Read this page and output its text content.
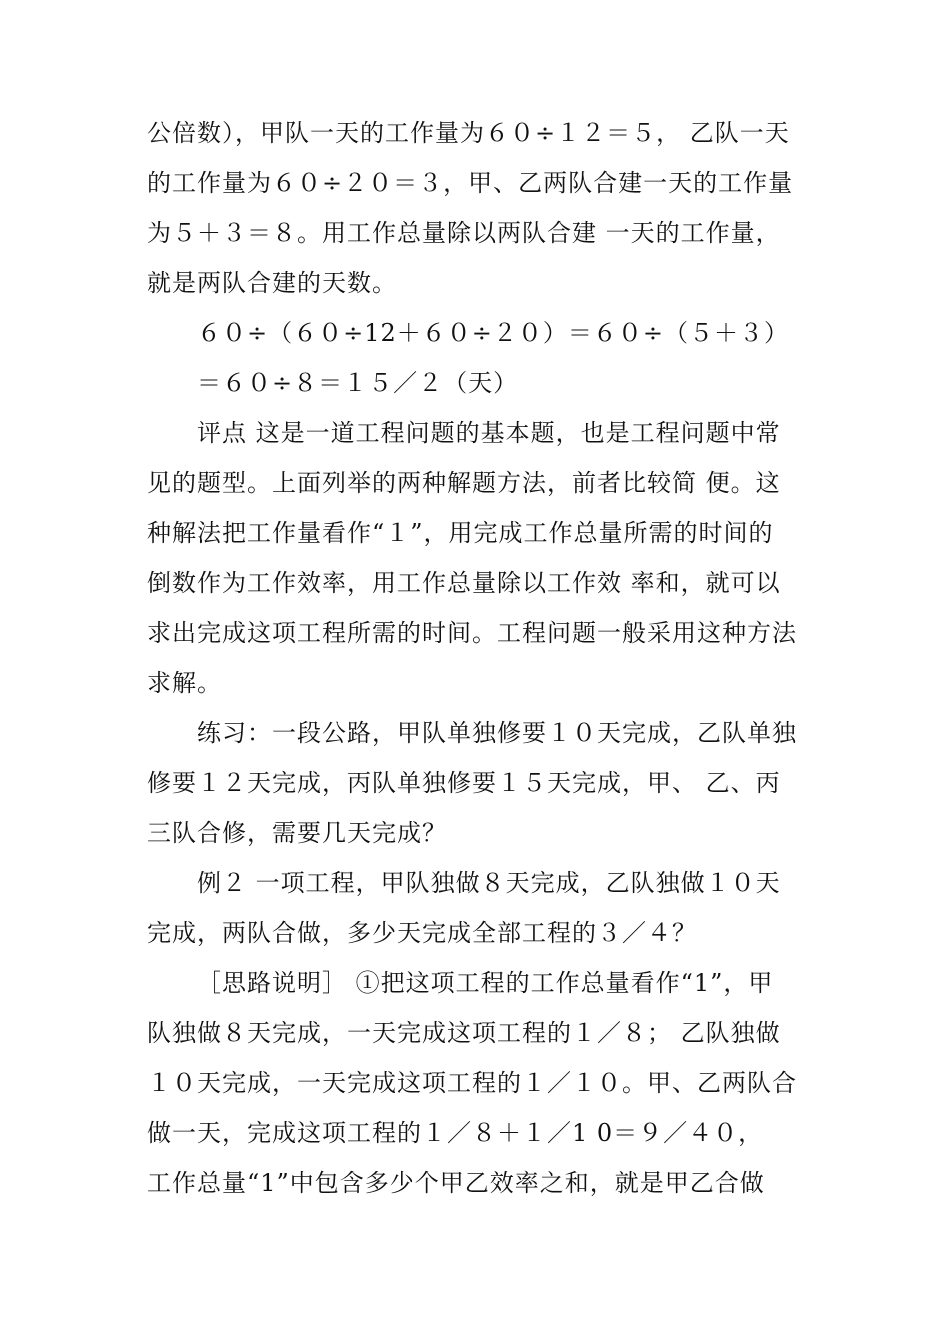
公倍数），甲队一天的工作量为６０÷１２＝５， 乙队一天
的工作量为６０÷２０＝３，甲、乙两队合建一天的工作量
为５＋３＝８。用工作总量除以两队合建 一天的工作量，
就是两队合建的天数。
６０÷（６０÷12＋６０÷２０）＝６０÷（５＋３）
＝６０÷８＝１５／２（天）
评点 这是一道工程问题的基本题，也是工程问题中常
见的题型。上面列举的两种解题方法，前者比较简 便。这
种解法把工作量看作“１”，用完成工作总量所需的时间的
倒数作为工作效率，用工作总量除以工作效 率和，就可以
求出完成这项工程所需的时间。工程问题一般采用这种方法
求解。
练习：一段公路，甲队单独修要１０天完成，乙队单独
修要１２天完成，丙队单独修要１５天完成，甲、 乙、丙
三队合修，需要几天完成？
例２ 一项工程，甲队独做８天完成，乙队独做１０天
完成，两队合做，多少天完成全部工程的３／４？
［思路说明］ ①把这项工程的工作总量看作“1”，甲
队独做８天完成，一天完成这项工程的１／８； 乙队独做
１０天完成，一天完成这项工程的１／１０。甲、乙两队合
做一天，完成这项工程的１／８＋１／1 0＝９／４０，
工作总量“1”中包含多少个甲乙效率之和，就是甲乙合做
